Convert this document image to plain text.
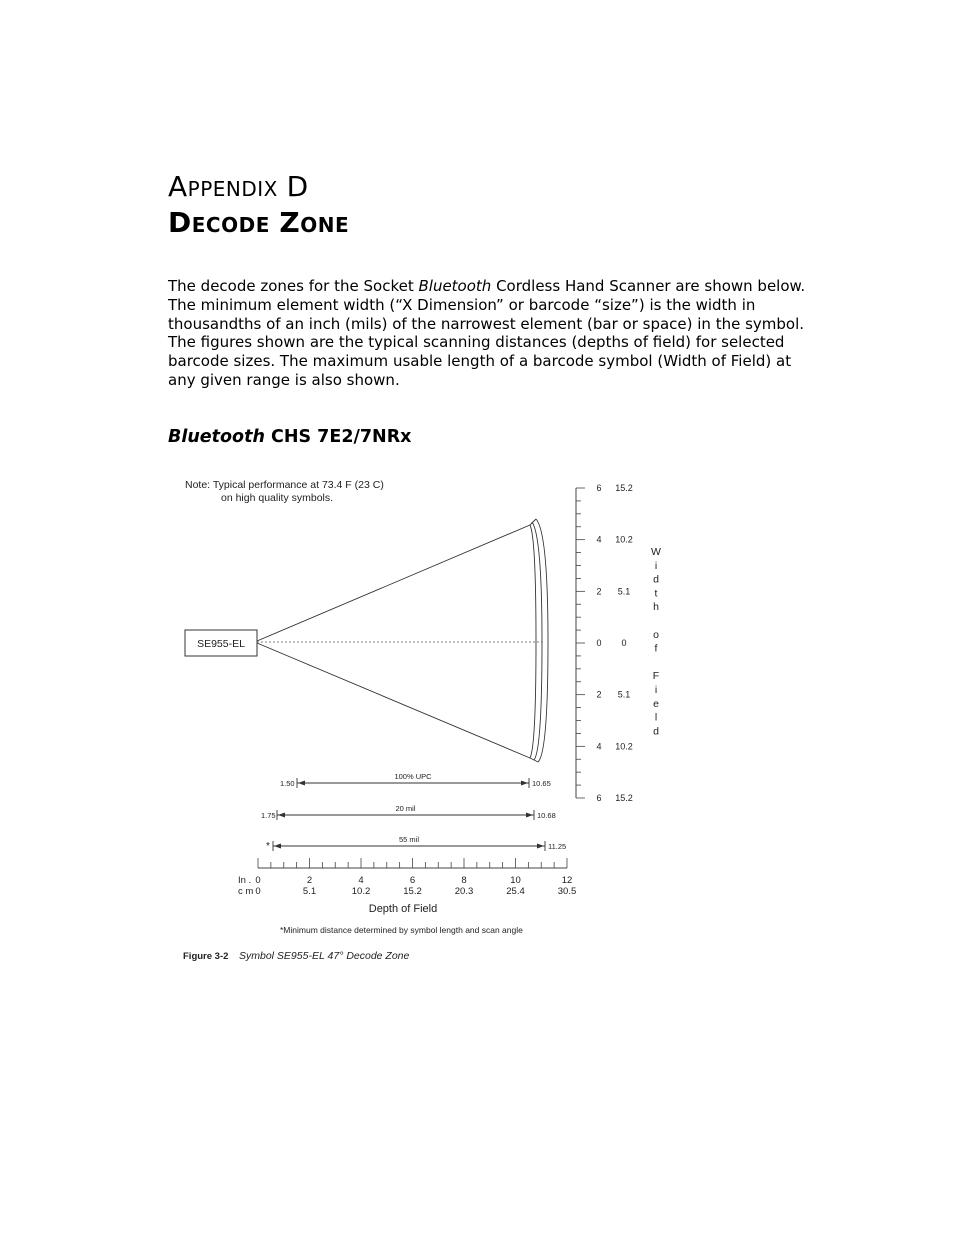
APPENDIX D
DECODE ZONE
The decode zones for the Socket Bluetooth Cordless Hand Scanner are shown below. The minimum element width (“X Dimension” or barcode “size”) is the width in thousandths of an inch (mils) of the narrowest element (bar or space) in the symbol. The figures shown are the typical scanning distances (depths of field) for selected barcode sizes. The maximum usable length of a barcode symbol (Width of Field) at any given range is also shown.
Bluetooth CHS 7E2/7NRx
Note: Typical performance at 73.4 F (23 C)
on high quality symbols.
SE955-EL
6 15.2
4 10.2
2 5.1
0 0
2 5.1
4 10.2
6 15.2
W
i
d
t
h
o
f
F
i
e
l
d
100% UPC
1.50	10.65
20 mil
1.75	10.68
55 mil
*	11.25
0
0
2
5.1
4
10.2
6
15.2
8
20.3
10
25.4
12
30.5
In .
c m
Depth of Field
*Minimum distance determined by symbol length and scan angle
Figure 3-2 Symbol SE955-EL 47° Decode Zone
